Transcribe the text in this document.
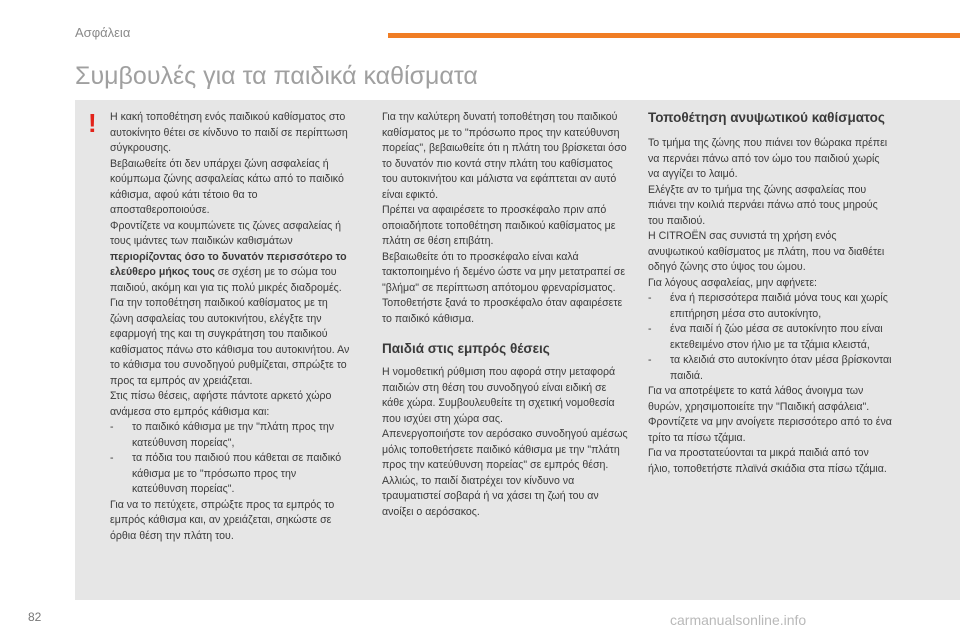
Ασφάλεια
Συμβουλές για τα παιδικά καθίσματα
! Η κακή τοποθέτηση ενός παιδικού καθίσματος στο αυτοκίνητο θέτει σε κίνδυνο το παιδί σε περίπτωση σύγκρουσης.

Βεβαιωθείτε ότι δεν υπάρχει ζώνη ασφαλείας ή κούμπωμα ζώνης ασφαλείας κάτω από το παιδικό κάθισμα, αφού κάτι τέτοιο θα το αποσταθεροποιούσε.

Φροντίζετε να κουμπώνετε τις ζώνες ασφαλείας ή τους ιμάντες των παιδικών καθισμάτων περιορίζοντας όσο το δυνατόν περισσότερο το ελεύθερο μήκος τους σε σχέση με το σώμα του παιδιού, ακόμη και για τις πολύ μικρές διαδρομές.

Για την τοποθέτηση παιδικού καθίσματος με τη ζώνη ασφαλείας του αυτοκινήτου, ελέγξτε την εφαρμογή της και τη συγκράτηση του παιδικού καθίσματος πάνω στο κάθισμα του αυτοκινήτου. Αν το κάθισμα του συνοδηγού ρυθμίζεται, σπρώξτε το προς τα εμπρός αν χρειάζεται.

Στις πίσω θέσεις, αφήστε πάντοτε αρκετό χώρο ανάμεσα στο εμπρός κάθισμα και:

-	το παιδικό κάθισμα με την "πλάτη προς την κατεύθυνση πορείας",
-	τα πόδια του παιδιού που κάθεται σε παιδικό κάθισμα με το "πρόσωπο προς την κατεύθυνση πορείας".

Για να το πετύχετε, σπρώξτε προς τα εμπρός το εμπρός κάθισμα και, αν χρειάζεται, σηκώστε σε όρθια θέση την πλάτη του.

Για την καλύτερη δυνατή τοποθέτηση του παιδικού καθίσματος με το "πρόσωπο προς την κατεύθυνση πορείας", βεβαιωθείτε ότι η πλάτη του βρίσκεται όσο το δυνατόν πιο κοντά στην πλάτη του καθίσματος του αυτοκινήτου και μάλιστα να εφάπτεται αν αυτό είναι εφικτό.

Πρέπει να αφαιρέσετε το προσκέφαλο πριν από οποιαδήποτε τοποθέτηση παιδικού καθίσματος με πλάτη σε θέση επιβάτη.

Βεβαιωθείτε ότι το προσκέφαλο είναι καλά τακτοποιημένο ή δεμένο ώστε να μην μετατραπεί σε "βλήμα" σε περίπτωση απότομου φρεναρίσματος.

Τοποθετήστε ξανά το προσκέφαλο όταν αφαιρέσετε το παιδικό κάθισμα.

Παιδιά στις εμπρός θέσεις

Η νομοθετική ρύθμιση που αφορά στην μεταφορά παιδιών στη θέση του συνοδηγού είναι ειδική σε κάθε χώρα. Συμβουλευθείτε τη σχετική νομοθεσία που ισχύει στη χώρα σας.

Απενεργοποιήστε τον αερόσακο συνοδηγού αμέσως μόλις τοποθετήσετε παιδικό κάθισμα με την "πλάτη προς την κατεύθυνση πορείας" σε εμπρός θέση. Αλλιώς, το παιδί διατρέχει τον κίνδυνο να τραυματιστεί σοβαρά ή να χάσει τη ζωή του αν ανοίξει ο αερόσακος.

Τοποθέτηση ανυψωτικού καθίσματος

Το τμήμα της ζώνης που πιάνει τον θώρακα πρέπει να περνάει πάνω από τον ώμο του παιδιού χωρίς να αγγίζει το λαιμό.

Ελέγξτε αν το τμήμα της ζώνης ασφαλείας που πιάνει την κοιλιά περνάει πάνω από τους μηρούς του παιδιού.

Η CITROËN σας συνιστά τη χρήση ενός ανυψωτικού καθίσματος με πλάτη, που να διαθέτει οδηγό ζώνης στο ύψος του ώμου.

Για λόγους ασφαλείας, μην αφήνετε:

-	ένα ή περισσότερα παιδιά μόνα τους και χωρίς επιτήρηση μέσα στο αυτοκίνητο,
-	ένα παιδί ή ζώο μέσα σε αυτοκίνητο που είναι εκτεθειμένο στον ήλιο με τα τζάμια κλειστά,
-	τα κλειδιά στο αυτοκίνητο όταν μέσα βρίσκονται παιδιά.

Για να αποτρέψετε το κατά λάθος άνοιγμα των θυρών, χρησιμοποιείτε την "Παιδική ασφάλεια".

Φροντίζετε να μην ανοίγετε περισσότερο από το ένα τρίτο τα πίσω τζάμια.

Για να προστατεύονται τα μικρά παιδιά από τον ήλιο, τοποθετήστε πλαϊνά σκιάδια στα πίσω τζάμια.

82	carmanualsonline.info
